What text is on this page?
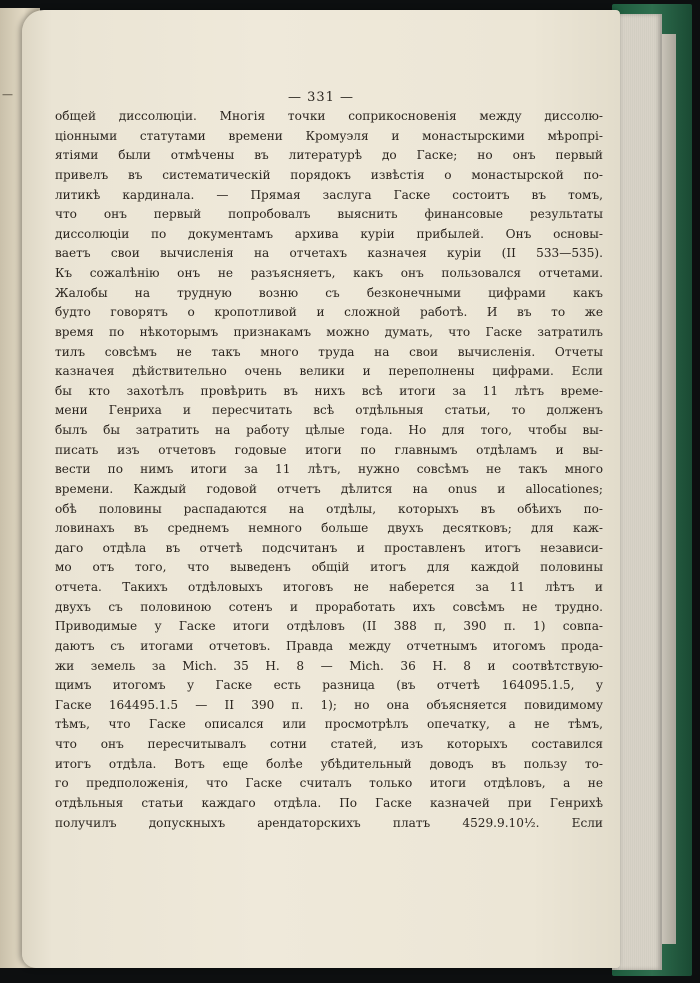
—	— 331 —
общей диссолюціи. Многія точки соприкосновенія между диссолю-
ціонными статутами времени Кромуэля и монастырскими мѣропрі-
ятіями были отмѣчены въ литературѣ до Гаске; но онъ первый
привелъ въ систематическій порядокъ извѣстія о монастырской по-
литикѣ кардинала. — Прямая заслуга Гаске состоитъ въ томъ,
что онъ первый попробовалъ выяснить финансовые результаты
диссолюціи по документамъ архива куріи прибылей. Онъ основы-
ваетъ свои вычисленія на отчетахъ казначея куріи (II 533—535).
Къ сожалѣнію онъ не разъясняетъ, какъ онъ пользовался отчетами.
Жалобы на трудную возню съ безконечными цифрами какъ
будто говорятъ о кропотливой и сложной работѣ. И въ то же
время по нѣкоторымъ признакамъ можно думать, что Гаске затратилъ
тилъ совсѣмъ не такъ много труда на свои вычисленія. Отчеты
казначея дѣйствительно очень велики и переполнены цифрами. Если
бы кто захотѣлъ провѣрить въ нихъ всѣ итоги за 11 лѣтъ време-
мени Генриха и пересчитать всѣ отдѣльныя статьи, то долженъ
былъ бы затратить на работу цѣлые года. Но для того, чтобы вы-
писать изъ отчетовъ годовые итоги по главнымъ отдѣламъ и вы-
вести по нимъ итоги за 11 лѣтъ, нужно совсѣмъ не такъ много
времени. Каждый годовой отчетъ дѣлится на onus и allocationes;
обѣ половины распадаются на отдѣлы, которыхъ въ обѣихъ по-
ловинахъ въ среднемъ немного больше двухъ десятковъ; для каж-
даго отдѣла въ отчетѣ подсчитанъ и проставленъ итогъ независи-
мо отъ того, что выведенъ общій итогъ для каждой половины
отчета. Такихъ отдѣловыхъ итоговъ не наберется за 11 лѣтъ и
двухъ съ половиною сотенъ и проработать ихъ совсѣмъ не трудно.
Приводимые у Гаске итоги отдѣловъ (II 388 п, 390 п. 1) совпа-
даютъ съ итогами отчетовъ. Правда между отчетнымъ итогомъ прода-
жи земель за Mich. 35 H. 8 — Mich. 36 H. 8 и соотвѣтствую-
щимъ итогомъ у Гаске есть разница (въ отчетѣ 164095.1.5, у
Гаске 164495.1.5 — II 390 п. 1); но она объясняется повидимому
тѣмъ, что Гаске описался или просмотрѣлъ опечатку, а не тѣмъ,
что онъ пересчитывалъ сотни статей, изъ которыхъ составился
итогъ отдѣла. Вотъ еще болѣе убѣдительный доводъ въ пользу то-
го предположенія, что Гаске считалъ только итоги отдѣловъ, а не
отдѣльныя статьи каждаго отдѣла. По Гаске казначей при Генрихѣ
получилъ допускныхъ арендаторскихъ платъ 4529.9.10½. Если
